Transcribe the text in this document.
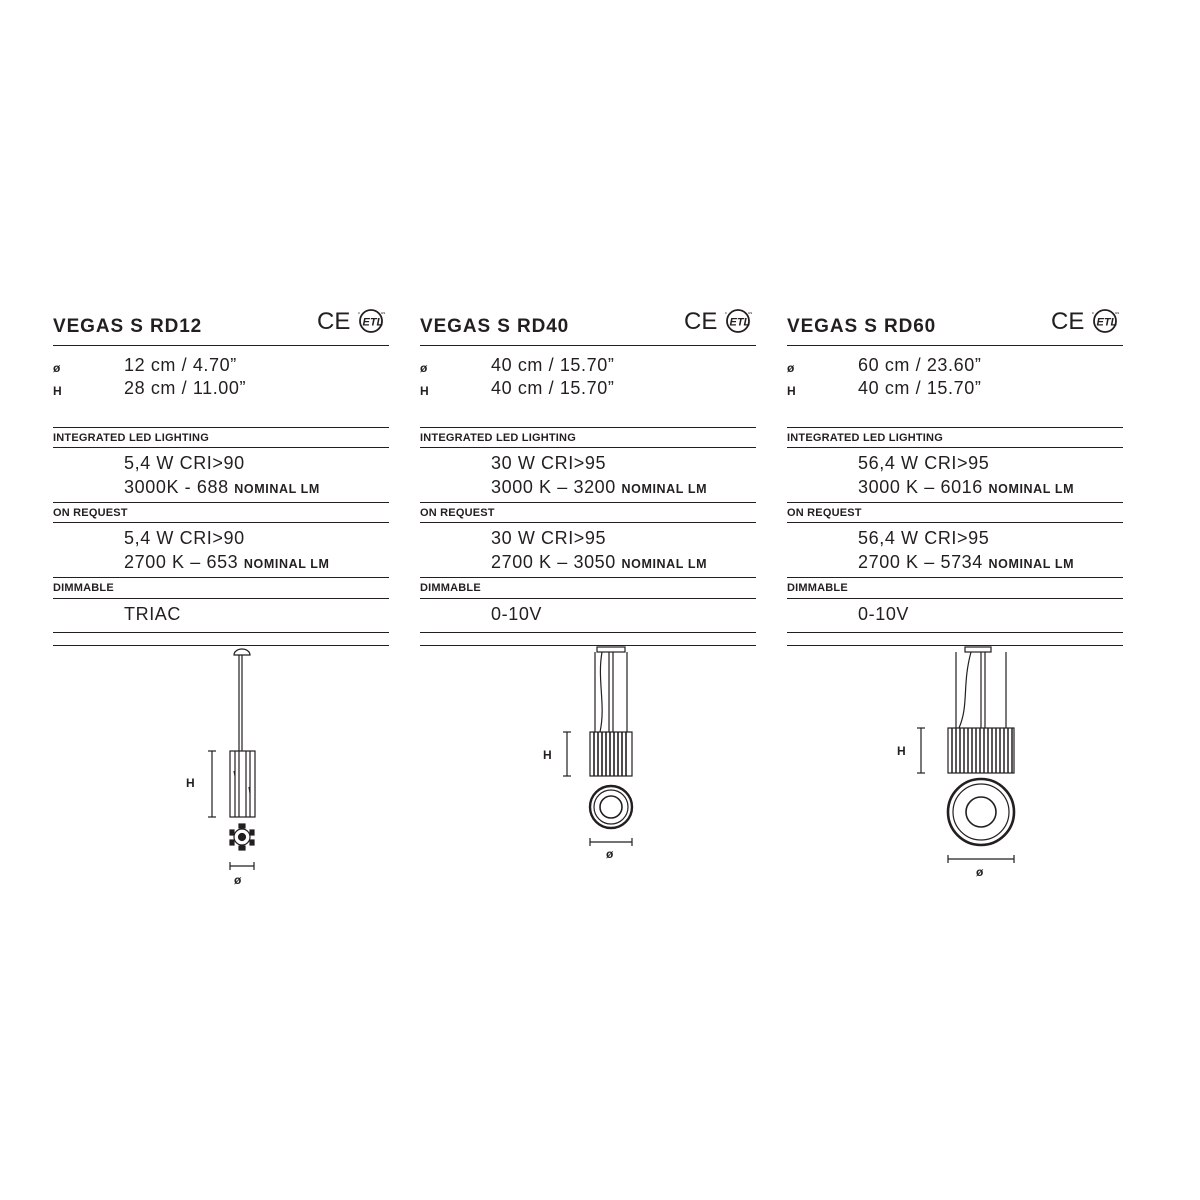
VEGAS S RD12	CE ETL
c	us
ø	12 cm / 4.70”
H	28 cm / 11.00”
INTEGRATED LED LIGHTING
5,4 W CRI>90
3000K - 688 NOMINAL LM
ON REQUEST
5,4 W CRI>90
2700 K – 653 NOMINAL LM
DIMMABLE
TRIAC
VEGAS S RD40	CE ETL
c	us
ø	40 cm / 15.70”
H	40 cm / 15.70”
INTEGRATED LED LIGHTING
30 W CRI>95
3000 K – 3200 NOMINAL LM
ON REQUEST
30 W CRI>95
2700 K – 3050 NOMINAL LM
DIMMABLE
0-10V
VEGAS S RD60	CE ETL
c	us
ø	60 cm / 23.60”
H	40 cm / 15.70”
INTEGRATED LED LIGHTING
56,4 W CRI>95
3000 K – 6016 NOMINAL LM
ON REQUEST
56,4 W CRI>95
2700 K – 5734 NOMINAL LM
DIMMABLE
0-10V
H
ø
H
ø
H
ø
